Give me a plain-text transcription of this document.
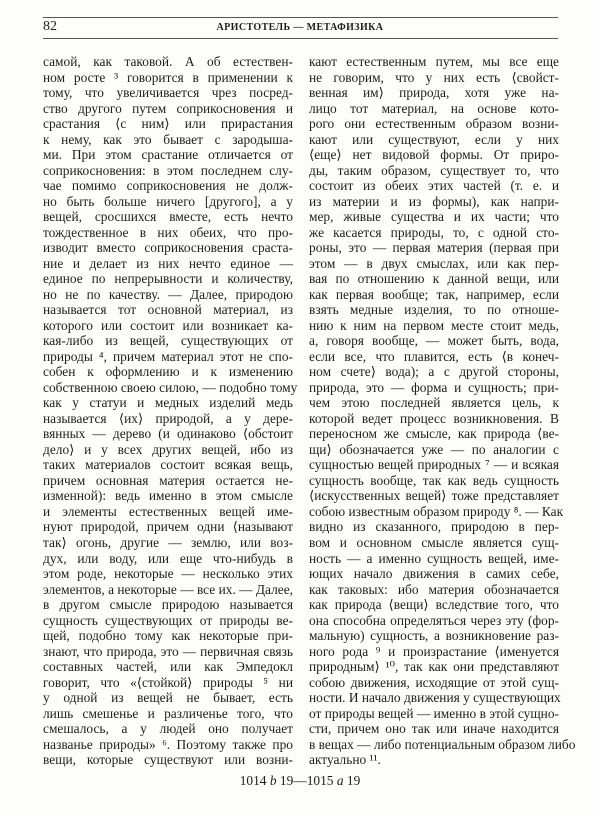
82	АРИСТОТЕЛЬ — МЕТАФИЗИКА
самой, как таковой. А об естествен-
ном росте ³ говорится в применении к
тому, что увеличивается чрез посред-
ство другого путем соприкосновения и
срастания ⟨с ним⟩ или прирастания
к нему, как это бывает с зародыша-
ми. При этом срастание отличается от
соприкосновения: в этом последнем слу-
чае помимо соприкосновения не долж-
но быть больше ничего [другого], а у
вещей, сросшихся вместе, есть нечто
тождественное в них обеих, что про-
изводит вместо соприкосновения сраста-
ние и делает из них нечто единое —
единое по непрерывности и количеству,
но не по качеству. — Далее, природою
называется тот основной материал, из
которого или состоит или возникает ка-
кая-либо из вещей, существующих от
природы ⁴, причем материал этот не спо-
собен к оформлению и к изменению
собственною своею силою, — подобно тому
как у статуи и медных изделий медь
называется ⟨их⟩ природой, а у дере-
вянных — дерево (и одинаково ⟨обстоит
дело⟩ и у всех других вещей, ибо из
таких материалов состоит всякая вещь,
причем основная материя остается не-
изменной): ведь именно в этом смысле
и элементы естественных вещей име-
нуют природой, причем одни ⟨называют
так⟩ огонь, другие — землю, или воз-
дух, или воду, или еще что-нибудь в
этом роде, некоторые — несколько этих
элементов, а некоторые — все их. — Далее,
в другом смысле природою называется
сущность существующих от природы ве-
щей, подобно тому как некоторые при-
знают, что природа, это — первичная связь
составных частей, или как Эмпедокл
говорит, что «⟨стойкой⟩ природы ⁵ ни
у одной из вещей не бывает, есть
лишь смешенье и различенье того, что
смешалось, а у людей оно получает
названье природы» ⁶. Поэтому также про
вещи, которые существуют или возни-
кают естественным путем, мы все еще
не говорим, что у них есть ⟨свойст-
венная им⟩ природа, хотя уже на-
лицо тот материал, на основе кото-
рого они естественным образом возни-
кают или существуют, если у них
⟨еще⟩ нет видовой формы. От приро-
ды, таким образом, существует то, что
состоит из обеих этих частей (т. е. и
из материи и из формы), как напри-
мер, живые существа и их части; что
же касается природы, то, с одной сто-
роны, это — первая материя (первая при
этом — в двух смыслах, или как пер-
вая по отношению к данной вещи, или
как первая вообще; так, например, если
взять медные изделия, то по отноше-
нию к ним на первом месте стоит медь,
а, говоря вообще, — может быть, вода,
если все, что плавится, есть ⟨в конеч-
ном счете⟩ вода); а с другой стороны,
природа, это — форма и сущность; при-
чем этою последней является цель, к
которой ведет процесс возникновения. В
переносном же смысле, как природа ⟨ве-
щи⟩ обозначается уже — по аналогии с
сущностью вещей природных ⁷ — и всякая
сущность вообще, так как ведь сущность
⟨искусственных вещей⟩ тоже представляет
собою известным образом природу ⁸. — Как
видно из сказанного, природою в пер-
вом и основном смысле является сущ-
ность — а именно сущность вещей, име-
ющих начало движения в самих себе,
как таковых: ибо материя обозначается
как природа ⟨вещи⟩ вследствие того, что
она способна определяться через эту (фор-
мальную) сущность, а возникновение раз-
ного рода ⁹ и произрастание ⟨именуется
природным⟩ ¹⁰, так как они представляют
собою движения, исходящие от этой сущ-
ности. И начало движения у существующих
от природы вещей — именно в этой сущно-
сти, причем оно так или иначе находится
в вещах — либо потенциальным образом либо
актуально ¹¹.
1014 b 19—1015 a 19
